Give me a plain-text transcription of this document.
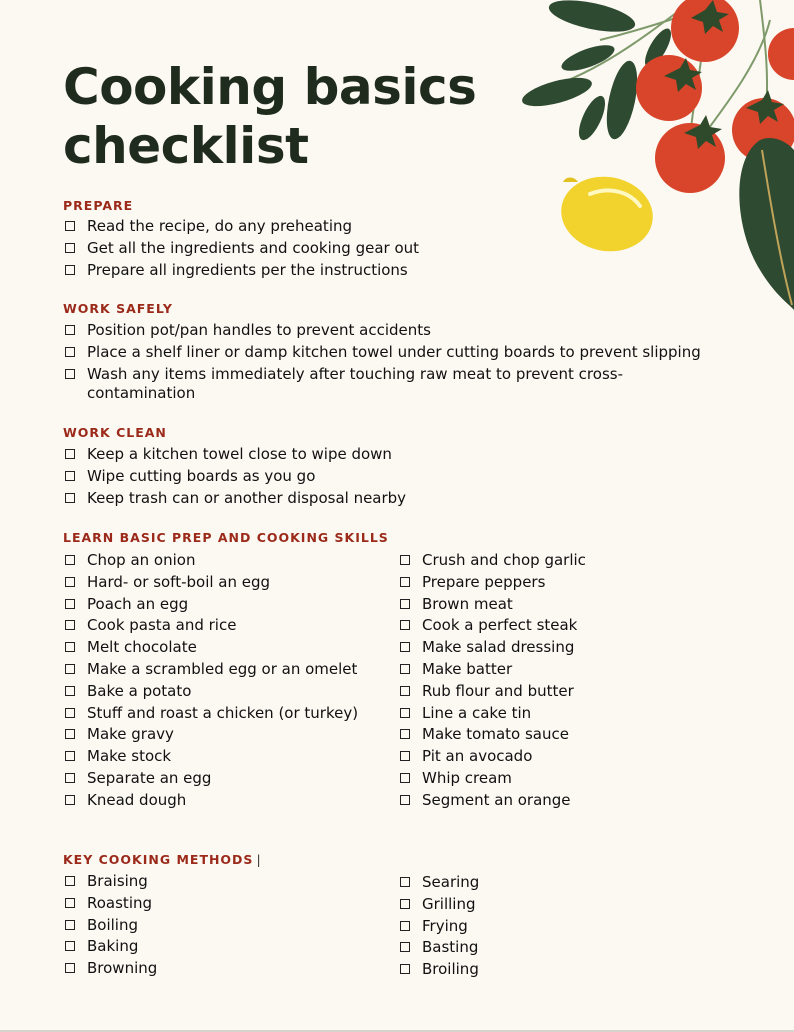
Cooking basics
checklist
PREPARE
Read the recipe, do any preheating
Get all the ingredients and cooking gear out
Prepare all ingredients per the instructions
WORK SAFELY
Position pot/pan handles to prevent accidents
Place a shelf liner or damp kitchen towel under cutting boards to prevent slipping
Wash any items immediately after touching raw meat to prevent cross-contamination
WORK CLEAN
Keep a kitchen towel close to wipe down
Wipe cutting boards as you go
Keep trash can or another disposal nearby
LEARN BASIC PREP AND COOKING SKILLS
Chop an onion
Hard- or soft-boil an egg
Poach an egg
Cook pasta and rice
Melt chocolate
Make a scrambled egg or an omelet
Bake a potato
Stuff and roast a chicken (or turkey)
Make gravy
Make stock
Separate an egg
Knead dough
Crush and chop garlic
Prepare peppers
Brown meat
Cook a perfect steak
Make salad dressing
Make batter
Rub flour and butter
Line a cake tin
Make tomato sauce
Pit an avocado
Whip cream
Segment an orange
KEY COOKING METHODS |
Braising
Roasting
Boiling
Baking
Browning
Searing
Grilling
Frying
Basting
Broiling
